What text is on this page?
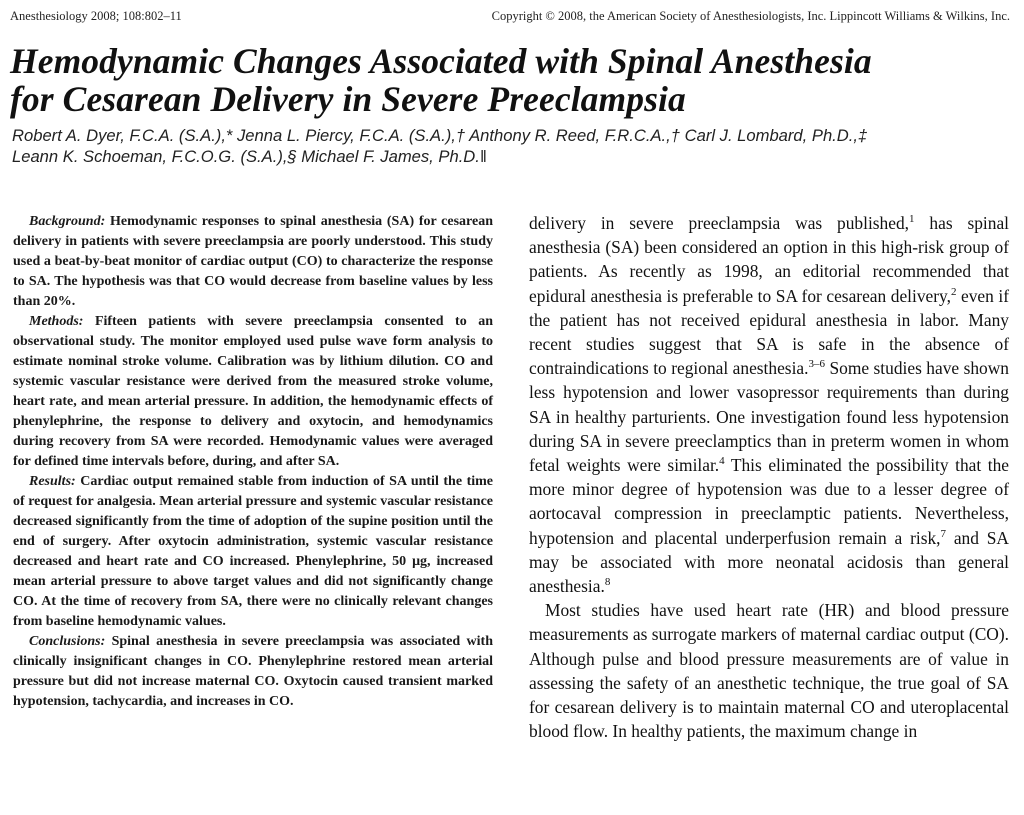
Anesthesiology 2008; 108:802–11	Copyright © 2008, the American Society of Anesthesiologists, Inc. Lippincott Williams & Wilkins, Inc.
Hemodynamic Changes Associated with Spinal Anesthesia
for Cesarean Delivery in Severe Preeclampsia
Robert A. Dyer, F.C.A. (S.A.),* Jenna L. Piercy, F.C.A. (S.A.),† Anthony R. Reed, F.R.C.A.,† Carl J. Lombard, Ph.D.,‡
Leann K. Schoeman, F.C.O.G. (S.A.),§ Michael F. James, Ph.D.‖

Background: Hemodynamic responses to spinal anesthesia (SA) for cesarean delivery in patients with severe preeclampsia are poorly understood. This study used a beat-by-beat monitor of cardiac output (CO) to characterize the response to SA. The hypothesis was that CO would decrease from baseline values by less than 20%.

Methods: Fifteen patients with severe preeclampsia consented to an observational study. The monitor employed used pulse wave form analysis to estimate nominal stroke volume. Calibration was by lithium dilution. CO and systemic vascular resistance were derived from the measured stroke volume, heart rate, and mean arterial pressure. In addition, the hemodynamic effects of phenylephrine, the response to delivery and oxytocin, and hemodynamics during recovery from SA were recorded. Hemodynamic values were averaged for defined time intervals before, during, and after SA.

Results: Cardiac output remained stable from induction of SA until the time of request for analgesia. Mean arterial pressure and systemic vascular resistance decreased significantly from the time of adoption of the supine position until the end of surgery. After oxytocin administration, systemic vascular resistance decreased and heart rate and CO increased. Phenylephrine, 50 μg, increased mean arterial pressure to above target values and did not significantly change CO. At the time of recovery from SA, there were no clinically relevant changes from baseline hemodynamic values.

Conclusions: Spinal anesthesia in severe preeclampsia was associated with clinically insignificant changes in CO. Phenylephrine restored mean arterial pressure but did not increase maternal CO. Oxytocin caused transient marked hypotension, tachycardia, and increases in CO.

delivery in severe preeclampsia was published,$^1$ has spinal anesthesia (SA) been considered an option in this high-risk group of patients. As recently as 1998, an editorial recommended that epidural anesthesia is preferable to SA for cesarean delivery,$^2$ even if the patient has not received epidural anesthesia in labor. Many recent studies suggest that SA is safe in the absence of contraindications to regional anesthesia.$^{3-6}$ Some studies have shown less hypotension and lower vasopressor requirements than during SA in healthy parturients. One investigation found less hypotension during SA in severe preeclamptics than in preterm women in whom fetal weights were similar.$^4$ This eliminated the possibility that the more minor degree of hypotension was due to a lesser degree of aortocaval compression in preeclamptic patients. Nevertheless, hypotension and placental underperfusion remain a risk,$^7$ and SA may be associated with more neonatal acidosis than general anesthesia.$^8$

Most studies have used heart rate (HR) and blood pressure measurements as surrogate markers of maternal cardiac output (CO). Although pulse and blood pressure measurements are of value in assessing the safety of an anesthetic technique, the true goal of SA for cesarean delivery is to maintain maternal CO and uteroplacental blood flow. In healthy patients, the maximum change in
